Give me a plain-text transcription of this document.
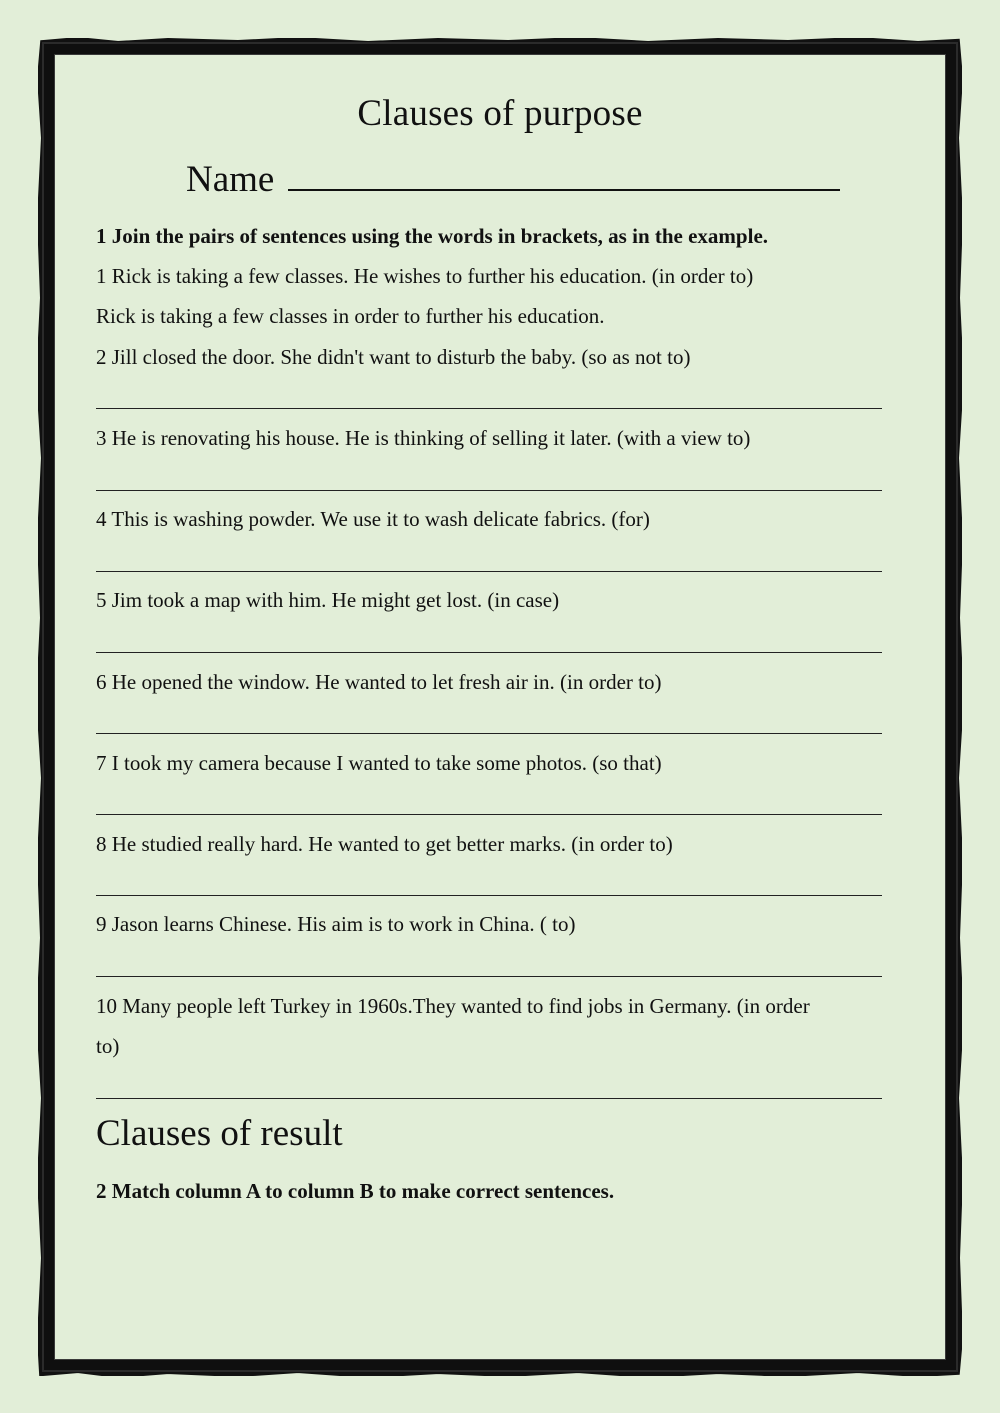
Clauses of purpose
Name
1 Join the pairs of sentences using the words in brackets, as in the example.
1 Rick is taking a few classes. He wishes to further his education. (in order to)
Rick is taking a few classes in order to further his education.
2 Jill closed the door. She didn't want to disturb the baby. (so as not to)
3 He is renovating his house. He is thinking of selling it later. (with a view to)
4 This is washing powder. We use it to wash delicate fabrics. (for)
5 Jim took a map with him. He might get lost. (in case)
6 He opened the window. He wanted to let fresh air in. (in order to)
7 I took my camera because I wanted to take some photos. (so that)
8 He studied really hard. He wanted to get better marks. (in order to)
9 Jason learns Chinese. His aim is to work in China. ( to)
10 Many people left Turkey in 1960s.They wanted to find jobs in Germany. (in order
to)
Clauses of result
2 Match column A to column B to make correct sentences.
